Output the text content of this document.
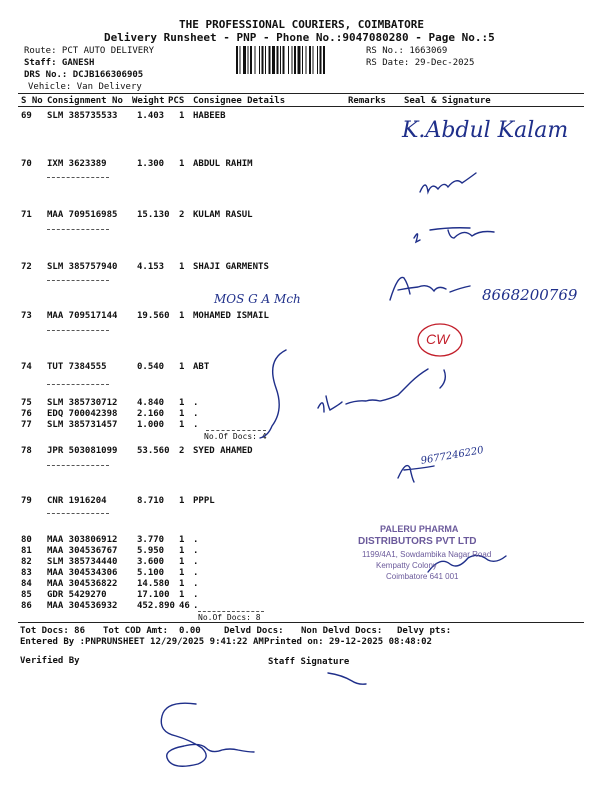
THE PROFESSIONAL COURIERS, COIMBATORE
Delivery Runsheet - PNP - Phone No.:9047080280 - Page No.:5
Route: PCT AUTO DELIVERY
Staff: GANESH
DRS No.: DCJB166306905
Vehicle: Van Delivery
RS No.: 1663069
RS Date: 29-Dec-2025
S No Consignment No Weight PCS Consignee Details	Remarks Seal & Signature
69 SLM 385735533 1.403 1 HABEEB
70 IXM 3623389	1.300 1 ABDUL RAHIM
71 MAA 709516985 15.130 2 KULAM RASUL
72 SLM 385757940 4.153 1 SHAJI GARMENTS
73 MAA 709517144 19.560 1 MOHAMED ISMAIL
74 TUT 7384555	0.540 1 ABT
75 SLM 385730712 4.840 1 .
76 EDQ 700042398 2.160 1 .
77 SLM 385731457 1.000 1 .
No.Of Docs: 4
78 JPR 503081099 53.560 2 SYED AHAMED
79 CNR 1916204	8.710 1 PPPL
80 MAA 303806912 3.770 1 .
81 MAA 304536767 5.950 1 .
82 SLM 385734440 3.600 1 .
83 MAA 304534306 5.100 1 .
84 MAA 304536822 14.580 1 .
85 GDR 5429270	17.100 1 .
86 MAA 304536932 452.890 46 .
No.Of Docs: 8
Tot Docs: 86 Tot COD Amt: 0.00	Delvd Docs: Non Delvd Docs: Delvy pts:
Entered By :PNPRUNSHEET 12/29/2025 9:41:22 AM Printed on: 29-12-2025 08:48:02
Verified By	Staff Signature
K.Abdul Kalam
MOS G A Mch	8668200769
9677246220
CW
PALERU PHARMA
DISTRIBUTORS PVT LTD
1199/4A1, Sowdambika Nagar Road
Kempatty Colony
Coimbatore 641 001
